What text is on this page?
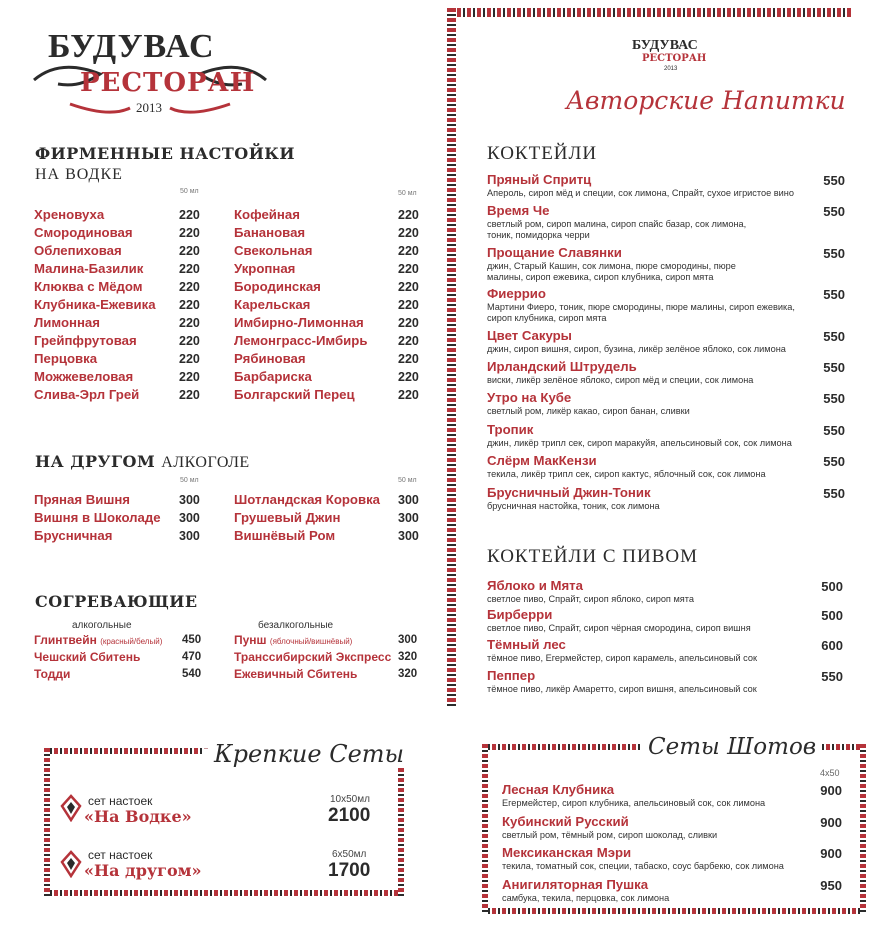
БУДУВАС
РЕСТОРАН
2013
ФИРМЕННЫЕ НАСТОЙКИ
НА ВОДКЕ
50 мл	50 мл
Хреновуха	220
Смородиновая	220
Облепиховая	220
Малина-Базилик	220
Клюква с Мёдом	220
Клубника-Ежевика 220
Лимонная	220
Грейпфрутовая	220
Перцовка	220
Можжевеловая	220
Слива-Эрл Грей	220
Кофейная	220
Банановая	220
Свекольная	220
Укропная	220
Бородинская	220
Карельская	220
Имбирно-Лимонная	220
Лемонграсс-Имбирь 220
Рябиновая	220
Барбариска	220
Болгарский Перец	220
НА ДРУГОМ АЛКОГОЛЕ
50 мл	50 мл
Пряная Вишня	300
Вишня в Шоколаде 300
Брусничная	300
Шотландская Коровка 300
Грушевый Джин	300
Вишнёвый Ром	300
СОГРЕВАЮЩИЕ
алкогольные	безалкогольные
Глинтвейн (красный/белый) 450
Чешский Сбитень	470
Тодди	540
Пунш (яблочный/вишнёвый)	300
Транссибирский Экспресс 320
Ежевичный Сбитень	320
Крепкие Сеты
сет настоек
«На Водке»
10x50мл
2100
сет настоек
«На другом»
6x50мл
1700
БУДУВАС
РЕСТОРАН
2013
Авторские Напитки
КОКТЕЙЛИ
Пряный Спритц
Апероль, сироп мёд и специи, сок лимона, Спрайт, сухое игристое вино
550
Время Че
светлый ром, сироп малина, сироп спайс базар, сок лимона, тоник, помидорка черри
550
Прощание Славянки
джин, Старый Кашин, сок лимона, пюре смородины, пюре малины, сироп ежевика, сироп клубника, сироп мята
550
Фиеррио
Мартини Фиеро, тоник, пюре смородины, пюре малины, сироп ежевика, сироп клубника, сироп мята
550
Цвет Сакуры
джин, сироп вишня, сироп, бузина, ликёр зелёное яблоко, сок лимона
550
Ирландский Штрудель
виски, ликёр зелёное яблоко, сироп мёд и специи, сок лимона
550
Утро на Кубе
светлый ром, ликёр какао, сироп банан, сливки
550
Тропик
джин, ликёр трипл сек, сироп маракуйя, апельсиновый сок, сок лимона
550
Слёрм МакКензи
текила, ликёр трипл сек, сироп кактус, яблочный сок, сок лимона
550
Брусничный Джин-Тоник
брусничная настойка, тоник, сок лимона
550
КОКТЕЙЛИ С ПИВОМ
Яблоко и Мята
светлое пиво, Спрайт, сироп яблоко, сироп мята
500
Бирберри
светлое пиво, Спрайт, сироп чёрная смородина, сироп вишня
500
Тёмный лес
тёмное пиво, Егермейстер, сироп карамель, апельсиновый сок
600
Пеппер
тёмное пиво, ликёр Амаретто, сироп вишня, апельсиновый сок
550
Сеты Шотов
4x50
Лесная Клубника
Егермейстер, сироп клубника, апельсиновый сок, сок лимона
900
Кубинский Русский
светлый ром, тёмный ром, сироп шоколад, сливки
900
Мексиканская Мэри
текила, томатный сок, специи, табаско, соус барбекю, сок лимона
900
Анигиляторная Пушка
самбука, текила, перцовка, сок лимона
950
